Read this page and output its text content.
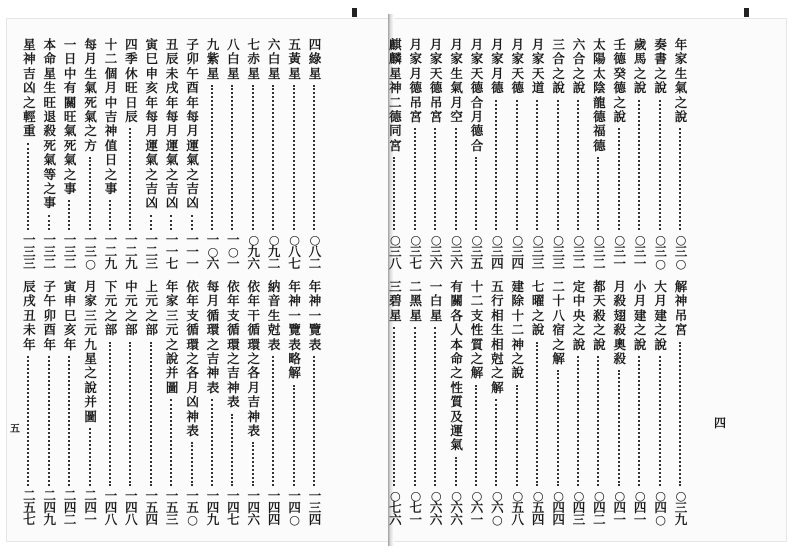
四
五
年家生氣之說
○三○
解神吊宮
○三九
奏書之說
○三○
大月建之說
○四○
歲馬之說
○三一
小月建之說
○四一
壬德癸德之說
○三一
月殺翅殺奧殺
○四一
太陽太陰龍德福德
○三二
都天殺之說
○四二
六合之說
○三二
定中央之說
○四三
三合之說
○三三
二十八宿之解
○四四
月家天道
○三三
七曜之說
○五四
月家天德
○三四
建除十二神之說
○五八
月家月德
○三四
五行相生相尅之解
○六○
月家天德合月德合
○三五
十二支性質之解
○六一
月家生氣月空
○三六
有關各人本命之性質及運氣
○六六
月家天德吊宮
○三六
一白星
○六六
月家月德吊宮
○三七
二黑星
○七一
麒麟星神二德同宮
○三八
三碧星
○七六
四綠星
○八二
年神一覽表
一三四
五黃星
○八七
年神一覽表略解
一四○
六白星
○九二
納音生尅表
一四四
七赤星
○九六
依年干循環之各月吉神表
一四六
八白星
一○一
依年支循環之吉神表
一四七
九紫星
一○六
每月循環之吉神表
一四九
子卯午酉年每月運氣之吉凶
一一一
依年支循環之各月凶神表
一五○
丑辰未戌年每月運氣之吉凶
一一七
年家三元之說并圖
一五三
寅巳申亥年每月運氣之吉凶
一二三
上元之部
一五四
四季休旺日辰
一二九
中元之部
一四八
十二個月中吉神值日之事
一二九
下元之部
一四八
每月生氣死氣之方
一三○
月家三元九星之說并圖
二四一
一日中有關旺氣死氣之事
一三二
寅申巳亥年
二四二
本命星生旺退殺死氣等之事
一三二
子午卯酉年
二四九
星神吉凶之輕重
一三三
辰戌丑未年
二五七
